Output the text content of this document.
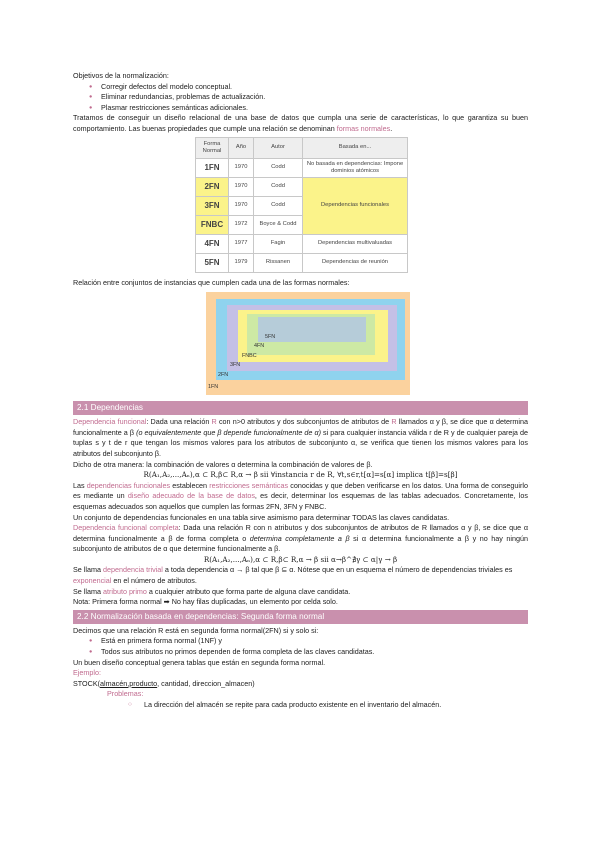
Objetivos de la normalización:

● Corregir defectos del modelo conceptual.
● Eliminar redundancias, problemas de actualización.
● Plasmar restricciones semánticas adicionales.

Tratamos de conseguir un diseño relacional de una base de datos que cumpla una serie de características, lo que garantiza su buen comportamiento. Las buenas propiedades que cumple una relación se denominan formas normales.

Forma Normal	Año	Autor	Basada en...
1FN	1970	Codd	No basada en dependencias: Impone dominios atómicos
2FN	1970	Codd	Dependencias funcionales
3FN	1970	Codd	
FNBC	1972	Boyce & Codd	
4FN	1977	Fagin	Dependencias multivaluadas
5FN	1979	Rissanen	Dependencias de reunión

Relación entre conjuntos de instancias que cumplen cada una de las formas normales:

1FN
2FN
3FN
FNBC
4FN
5FN
2.1 Dependencias

Dependencia funcional: Dada una relación R con n>0 atributos y dos subconjuntos de atributos de R llamados α y β, se dice que α determina funcionalmente a β (o equivalentemente que β depende funcionalmente de α) si para cualquier instancia válida r de R y de cualquier pareja de tuplas s y t de r que tengan los mismos valores para los atributos de subconjunto α, se verifica que tienen los mismos valores para los atributos del subconjunto β.

Dicho de otra manera: la combinación de valores α determina la combinación de valores de β.

R(A₁,A₂,...,Aₙ),α ⊂ R,β⊂ R,α → β sii ∀instancia r de R, ∀t,s∈r,t[α]=s[α] implica t[β]=s[β]

Las dependencias funcionales establecen restricciones semánticas conocidas y que deben verificarse en los datos. Una forma de conseguirlo es mediante un diseño adecuado de la base de datos, es decir, determinar los esquemas de las tablas adecuados. Concretamente, los esquemas adecuados son aquellos que cumplen las formas 2FN, 3FN y FNBC.

Un conjunto de dependencias funcionales en una tabla sirve asimismo para determinar TODAS las claves candidatas.

Dependencia funcional completa: Dada una relación R con n atributos y dos subconjuntos de atributos de R llamados α y β, se dice que α determina funcionalmente a β de forma completa o determina completamente a β si α determina funcionalmente a β y no hay ningún subconjunto de atributos de α que determine funcionalmente a β.

R(A₁,A₂,...,Aₙ),α ⊂ R,β⊂ R,α → β sii α→β^∄γ ⊂ α|γ → β

Se llama dependencia trivial a toda dependencia α → β tal que β ⊆ α. Nótese que en un esquema el número de dependencias triviales es exponencial en el número de atributos.

Se llama atributo primo a cualquier atributo que forma parte de alguna clave candidata.

Nota: Primera forma normal ➡ No hay filas duplicadas, un elemento por celda solo.

2.2 Normalización basada en dependencias: Segunda forma normal

Decimos que una relación R está en segunda forma normal(2FN) si y solo si:

● Está en primera forma normal (1NF) y
● Todos sus atributos no primos dependen de forma completa de las claves candidatas.

Un buen diseño conceptual genera tablas que están en segunda forma normal.

Ejemplo:

STOCK(almacén,producto, cantidad, direccion_almacen)

Problemas:

○ La dirección del almacén se repite para cada producto existente en el inventario del almacén.
